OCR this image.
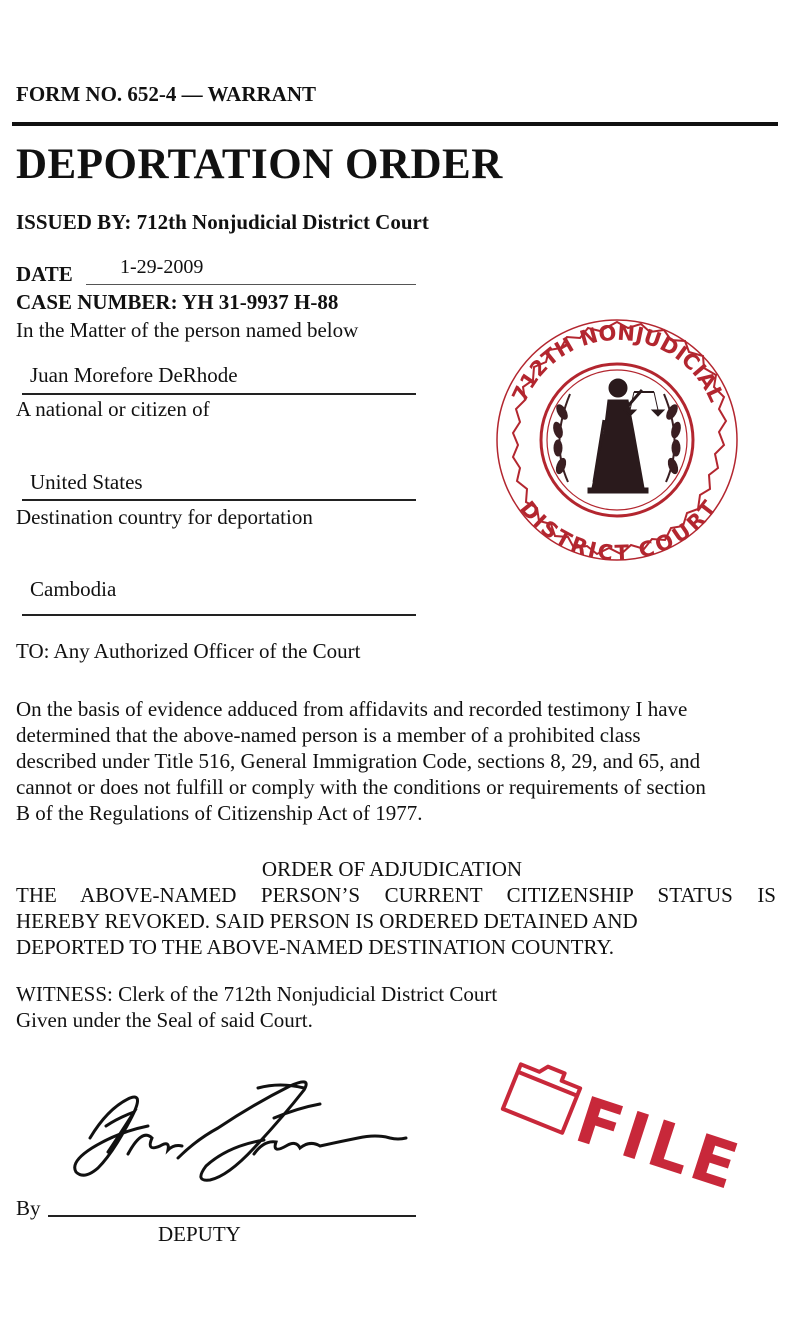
FORM NO. 652-4 — WARRANT
DEPORTATION ORDER
ISSUED BY: 712th Nonjudicial District Court
DATE 1-29-2009
CASE NUMBER: YH 31-9937 H-88
In the Matter of the person named below
Juan Morefore DeRhode
A national or citizen of
United States
Destination country for deportation
Cambodia
TO: Any Authorized Officer of the Court
On the basis of evidence adduced from affidavits and recorded testimony I have
determined that the above-named person is a member of a prohibited class
described under Title 516, General Immigration Code, sections 8, 29, and 65, and
cannot or does not fulfill or comply with the conditions or requirements of section
B of the Regulations of Citizenship Act of 1977.
ORDER OF ADJUDICATION
THE ABOVE-NAMED PERSON’S CURRENT CITIZENSHIP STATUS IS
HEREBY REVOKED. SAID PERSON IS ORDERED DETAINED AND
DEPORTED TO THE ABOVE-NAMED DESTINATION COUNTRY.
WITNESS: Clerk of the 712th Nonjudicial District Court
Given under the Seal of said Court.
712TH NONJUDICIAL
DISTRICT COURT
FILE
By
DEPUTY
